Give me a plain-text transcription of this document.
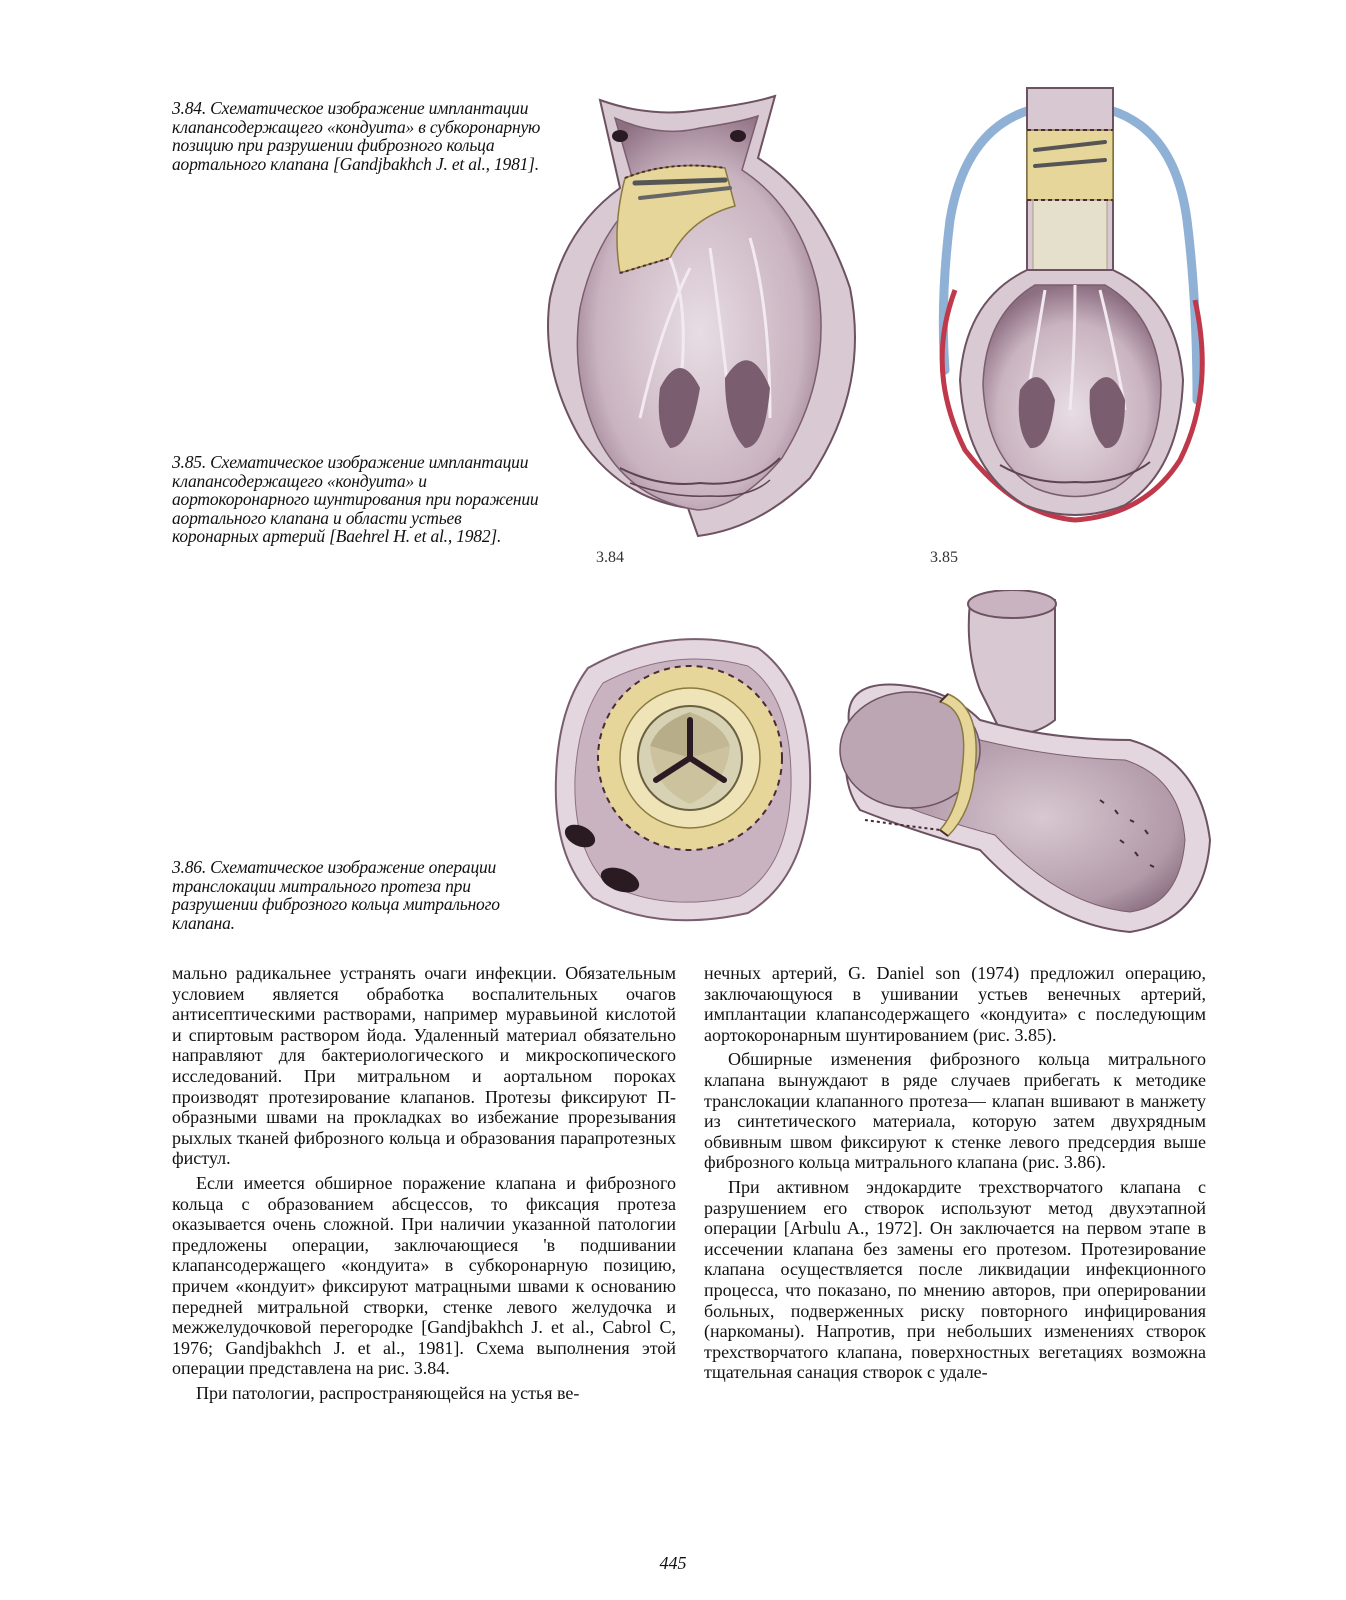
3.84. Схематическое изображение имплантации клапансодержащего «кондуита» в субкоронарную позицию при разрушении фиброзного кольца аортального клапана [Gandjbakhch J. et al., 1981].
3.85. Схематическое изображение имплантации клапансодержащего «кондуита» и аортокоронарного шунтирования при поражении аортального клапана и области устьев коронарных артерий [Baehrel H. et al., 1982].
3.86. Схематическое изображение операции транслокации митрального протеза при разрушении фиброзного кольца митрального клапана.
3.84	3.85

мально радикальнее устранять очаги инфекции. Обязательным условием является обработка воспалительных очагов антисептическими растворами, например муравьиной кислотой и спиртовым раствором йода. Удаленный материал обязательно направляют для бактериологического и микроскопического исследований. При митральном и аортальном пороках производят протезирование клапанов. Протезы фиксируют П-образными швами на прокладках во избежание прорезывания рыхлых тканей фиброзного кольца и образования парапротезных фистул.

Если имеется обширное поражение клапана и фиброзного кольца с образованием абсцессов, то фиксация протеза оказывается очень сложной. При наличии указанной патологии предложены операции, заключающиеся 'в подшивании клапансодержащего «кондуита» в субкоронарную позицию, причем «кондуит» фиксируют матрацными швами к основанию передней митральной створки, стенке левого желудочка и межжелудочковой перегородке [Gandjbakhch J. et al., Cabrol C, 1976; Gandjbakhch J. et al., 1981]. Схема выполнения этой операции представлена на рис. 3.84.

При патологии, распространяющейся на устья ве-

нечных артерий, G. Daniel son (1974) предложил операцию, заключающуюся в ушивании устьев венечных артерий, имплантации клапансодержащего «кондуита» с последующим аортокоронарным шунтированием (рис. 3.85).

Обширные изменения фиброзного кольца митрального клапана вынуждают в ряде случаев прибегать к методике транслокации клапанного протеза— клапан вшивают в манжету из синтетического материала, которую затем двухрядным обвивным швом фиксируют к стенке левого предсердия выше фиброзного кольца митрального клапана (рис. 3.86).

При активном эндокардите трехстворчатого клапана с разрушением его створок используют метод двухэтапной операции [Arbulu A., 1972]. Он заключается на первом этапе в иссечении клапана без замены его протезом. Протезирование клапана осуществляется после ликвидации инфекционного процесса, что показано, по мнению авторов, при оперировании больных, подверженных риску повторного инфицирования (наркоманы). Напротив, при небольших изменениях створок трехстворчатого клапана, поверхностных вегетациях возможна тщательная санация створок с удале-

445
